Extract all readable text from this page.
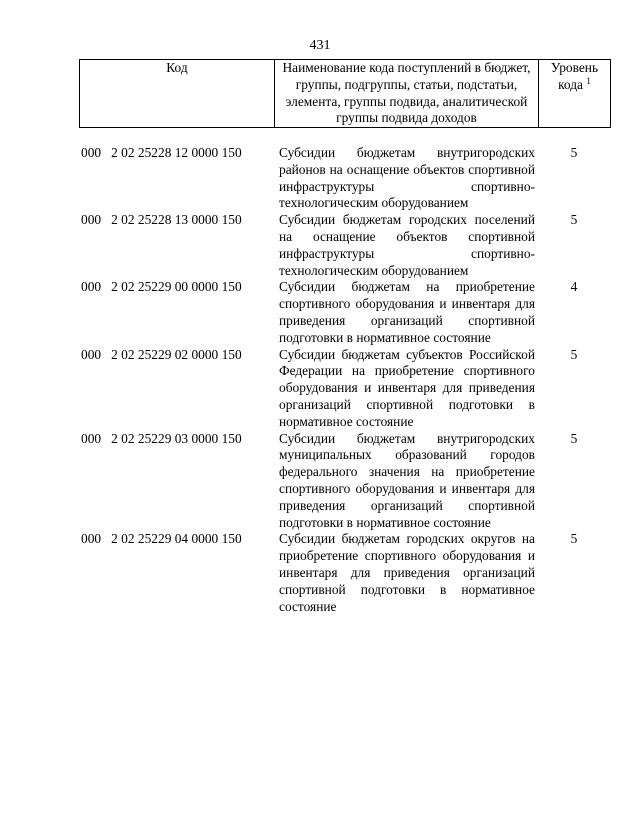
431
Код	Наименование кода поступлений в бюджет, группы, подгруппы, статьи, подстатьи, элемента, группы подвида, аналитической группы подвида доходов	Уровень кода $^1$
000   2 02 25228 12 0000 150	Субсидии бюджетам внутригородских районов на оснащение объектов спортивной инфраструктуры спортивно-технологическим оборудованием	5
000   2 02 25228 13 0000 150	Субсидии бюджетам городских поселений на оснащение объектов спортивной инфраструктуры спортивно-технологическим оборудованием	5
000   2 02 25229 00 0000 150	Субсидии бюджетам на приобретение спортивного оборудования и инвентаря для приведения организаций спортивной подготовки в нормативное состояние	4
000   2 02 25229 02 0000 150	Субсидии бюджетам субъектов Российской Федерации на приобретение спортивного оборудования и инвентаря для приведения организаций спортивной подготовки в нормативное состояние	5
000   2 02 25229 03 0000 150	Субсидии бюджетам внутригородских муниципальных образований городов федерального значения на приобретение спортивного оборудования и инвентаря для приведения организаций спортивной подготовки в нормативное состояние	5
000   2 02 25229 04 0000 150	Субсидии бюджетам городских округов на приобретение спортивного оборудования и инвентаря для приведения организаций спортивной подготовки в нормативное состояние	5
